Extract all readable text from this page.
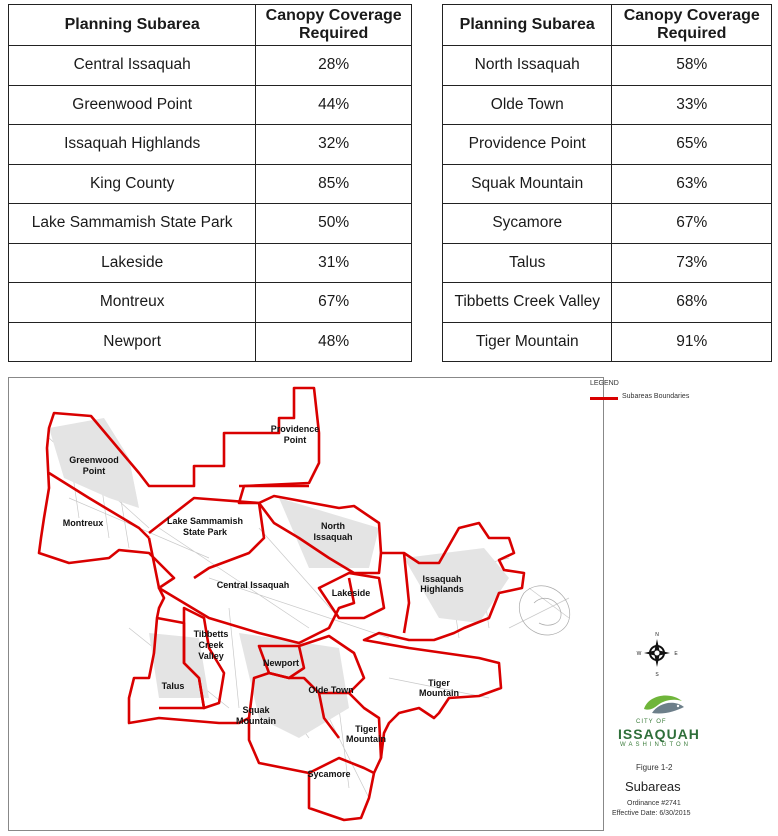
Planning Subarea	Canopy Coverage Required
Central Issaquah	28%
Greenwood Point	44%
Issaquah Highlands	32%
King County	85%
Lake Sammamish State Park	50%
Lakeside	31%
Montreux	67%
Newport	48%
Planning Subarea	Canopy Coverage Required
North Issaquah	58%
Olde Town	33%
Providence Point	65%
Squak Mountain	63%
Sycamore	67%
Talus	73%
Tibbetts Creek Valley	68%
Tiger Mountain	91%
Providence
Point
Greenwood
Point
Montreux	Lake Sammamish
State Park
North
Issaquah
Central Issaquah
Lakeside
Issaquah
Highlands
Tibbetts
Creek
Valley
Newport
Talus	Olde Town
Tiger
Mountain
Squak
Mountain
Tiger
Mountain
Sycamore
LEGEND
Subareas Boundaries
N
S
W	E
CITY OF
ISSAQUAH
WASHINGTON
Figure 1-2
Subareas
Ordinance #2741
Effective Date: 6/30/2015
